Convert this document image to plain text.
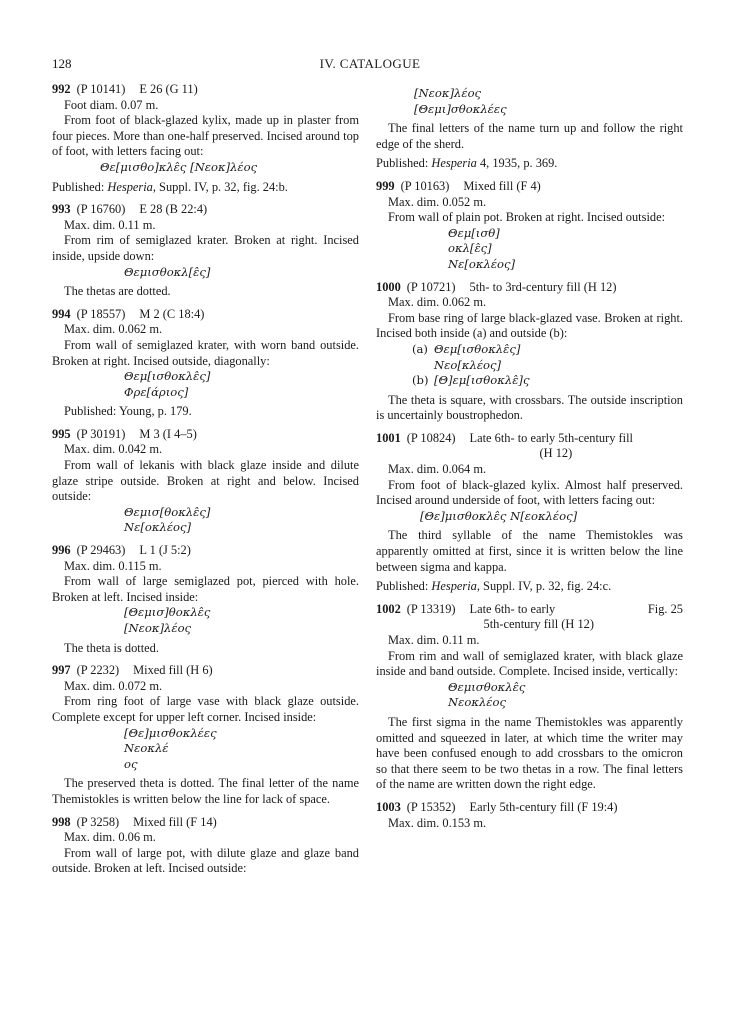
128	IV. CATALOGUE
992 (P 10141) E 26 (G 11)

Foot diam. 0.07 m.

From foot of black-glazed kylix, made up in plaster from four pieces. More than one-half preserved. Incised around top of foot, with letters facing out:

Θε[μισθο]κλε̂ς [Νεοκ]λέος

Published: Hesperia, Suppl. IV, p. 32, fig. 24:b.

993 (P 16760) E 28 (B 22:4)

Max. dim. 0.11 m.

From rim of semiglazed krater. Broken at right. Incised inside, upside down:

Θεμισθοκλ[ε̂ς]

The thetas are dotted.

994 (P 18557) M 2 (C 18:4)

Max. dim. 0.062 m.

From wall of semiglazed krater, with worn band outside. Broken at right. Incised outside, diagonally:

Θεμ[ισθοκλε̂ς]
Φρε[άριος]

Published: Young, p. 179.

995 (P 30191) M 3 (I 4–5)

Max. dim. 0.042 m.

From wall of lekanis with black glaze inside and dilute glaze stripe outside. Broken at right and below. Incised outside:

Θεμισ[θοκλε̂ς]
Νε[οκλέος]
996 (P 29463) L 1 (J 5:2)

Max. dim. 0.115 m.

From wall of large semiglazed pot, pierced with hole. Broken at left. Incised inside:

[Θεμισ]θοκλε̂ς
[Νεοκ]λέος

The theta is dotted.

997 (P 2232) Mixed fill (H 6)

Max. dim. 0.072 m.

From ring foot of large vase with black glaze outside. Complete except for upper left corner. Incised inside:

[Θε]μισθοκλέες
Νεοκλέ
ος

The preserved theta is dotted. The final letter of the name Themistokles is written below the line for lack of space.

998 (P 3258) Mixed fill (F 14)

Max. dim. 0.06 m.

From wall of large pot, with dilute glaze and glaze band outside. Broken at left. Incised outside:

[Νεοκ]λέος
[Θεμι]σθοκλέες

The final letters of the name turn up and follow the right edge of the sherd.

Published: Hesperia 4, 1935, p. 369.

999 (P 10163) Mixed fill (F 4)

Max. dim. 0.052 m.

From wall of plain pot. Broken at right. Incised outside:

Θεμ[ισθ]
οκλ[ε̂ς]
Νε[οκλέος]
1000 (P 10721) 5th- to 3rd-century fill (H 12)

Max. dim. 0.062 m.

From base ring of large black-glazed vase. Broken at right. Incised both inside (a) and outside (b):

(a) Θεμ[ισθοκλε̂ς]
Νεο[κλέος]
(b) [Θ]εμ[ισθοκλε̂]ς

The theta is square, with crossbars. The outside inscription is uncertainly boustrophedon.

1001 (P 10824) Late 6th- to early 5th-century fill
(H 12)

Max. dim. 0.064 m.

From foot of black-glazed kylix. Almost half preserved. Incised around underside of foot, with letters facing out:

[Θε]μισθοκλε̂ς Ν[εοκλέος]

The third syllable of the name Themistokles was apparently omitted at first, since it is written below the line between sigma and kappa.

Published: Hesperia, Suppl. IV, p. 32, fig. 24:c.

1002 (P 13319) Late 6th- to early
5th-century fill (H 12)
Fig. 25

Max. dim. 0.11 m.

From rim and wall of semiglazed krater, with black glaze inside and band outside. Complete. Incised inside, vertically:

Θεμισθοκλε̂ς
Νεοκλέος

The first sigma in the name Themistokles was apparently omitted and squeezed in later, at which time the writer may have been confused enough to add crossbars to the omicron so that there seem to be two thetas in a row. The final letters of the name are written down the right edge.

1003 (P 15352) Early 5th-century fill (F 19:4)

Max. dim. 0.153 m.
